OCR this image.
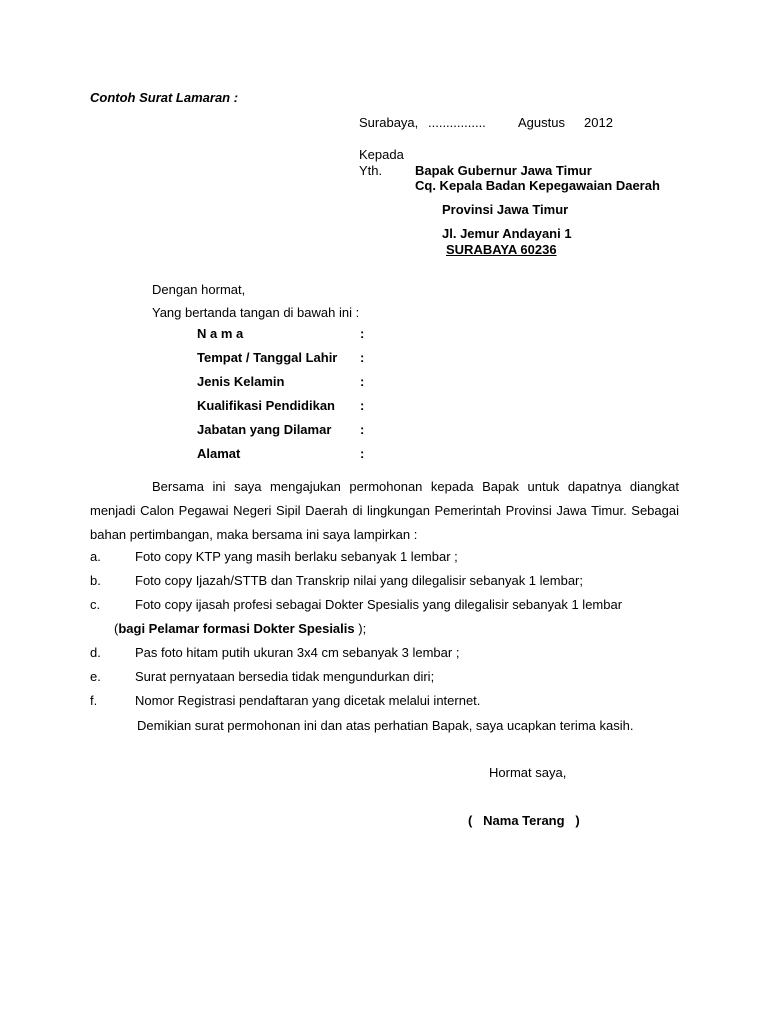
Contoh Surat Lamaran :
Surabaya, ................ Agustus 2012
Kepada
Yth.	Bapak Gubernur Jawa Timur
Cq. Kepala Badan Kepegawaian Daerah
Provinsi Jawa Timur
Jl. Jemur Andayani 1
SURABAYA 60236
Dengan hormat,
Yang bertanda tangan di bawah ini :
N a m a	:
Tempat / Tanggal Lahir :
Jenis Kelamin	:
Kualifikasi Pendidikan :
Jabatan yang Dilamar :
Alamat	:
Bersama ini saya mengajukan permohonan kepada Bapak untuk dapatnya diangkat menjadi Calon Pegawai Negeri Sipil Daerah di lingkungan Pemerintah Provinsi Jawa Timur. Sebagai bahan pertimbangan, maka bersama ini saya lampirkan :
a.	Foto copy KTP yang masih berlaku sebanyak 1 lembar ;
b.	Foto copy Ijazah/STTB dan Transkrip nilai yang dilegalisir sebanyak 1 lembar;
c.	Foto copy ijasah profesi sebagai Dokter Spesialis yang dilegalisir sebanyak 1 lembar
(bagi Pelamar formasi Dokter Spesialis );
d.	Pas foto hitam putih ukuran 3x4 cm sebanyak 3 lembar ;
e.	Surat pernyataan bersedia tidak mengundurkan diri;
f.	Nomor Registrasi pendaftaran yang dicetak melalui internet.
Demikian surat permohonan ini dan atas perhatian Bapak, saya ucapkan terima kasih.
Hormat saya,
(   Nama Terang   )
